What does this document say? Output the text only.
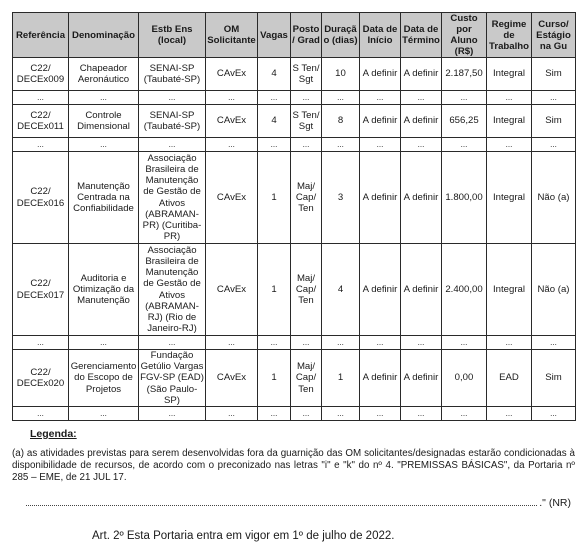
Referência	Denominação	Estb Ens (local)	OM Solicitante	Vagas	Posto/ Grad	Duração (dias)	Data de Início	Data de Término	Custo por Aluno (R$)	Regime de Trabalho	Curso/ Estágio na Gu
C22/ DECEx009	Chapeador Aeronáutico	SENAI-SP (Taubaté-SP)	CAvEx	4	S Ten/ Sgt	10	A definir	A definir	2.187,50	Integral	Sim
...	...	...	...	...	...	...	...	...	...	...	...
C22/ DECEx011	Controle Dimensional	SENAI-SP (Taubaté-SP)	CAvEx	4	S Ten/ Sgt	8	A definir	A definir	656,25	Integral	Sim
...	...	...	...	...	...	...	...	...	...	...	...
C22/ DECEx016	Manutenção Centrada na Confiabilidade	Associação Brasileira de Manutenção de Gestão de Ativos (ABRAMAN-PR) (Curitiba-PR)	CAvEx	1	Maj/ Cap/ Ten	3	A definir	A definir	1.800,00	Integral	Não (a)
C22/ DECEx017	Auditoria e Otimização da Manutenção	Associação Brasileira de Manutenção de Gestão de Ativos (ABRAMAN-RJ) (Rio de Janeiro-RJ)	CAvEx	1	Maj/ Cap/ Ten	4	A definir	A definir	2.400,00	Integral	Não (a)
...	...	...	...	...	...	...	...	...	...	...	...
C22/ DECEx020	Gerenciamento do Escopo de Projetos	Fundação Getúlio Vargas FGV-SP (EAD) (São Paulo-SP)	CAvEx	1	Maj/ Cap/ Ten	1	A definir	A definir	0,00	EAD	Sim
...	...	...	...	...	...	...	...	...	...	...	...
Legenda:
(a) as atividades previstas para serem desenvolvidas fora da guarnição das OM solicitantes/designadas estarão condicionadas à disponibilidade de recursos, de acordo com o preconizado nas letras "i" e "k" do nº 4. "PREMISSAS BÁSICAS", da Portaria nº 285 – EME, de 21 JUL 17.
." (NR)
Art. 2º Esta Portaria entra em vigor em 1º de julho de 2022.
